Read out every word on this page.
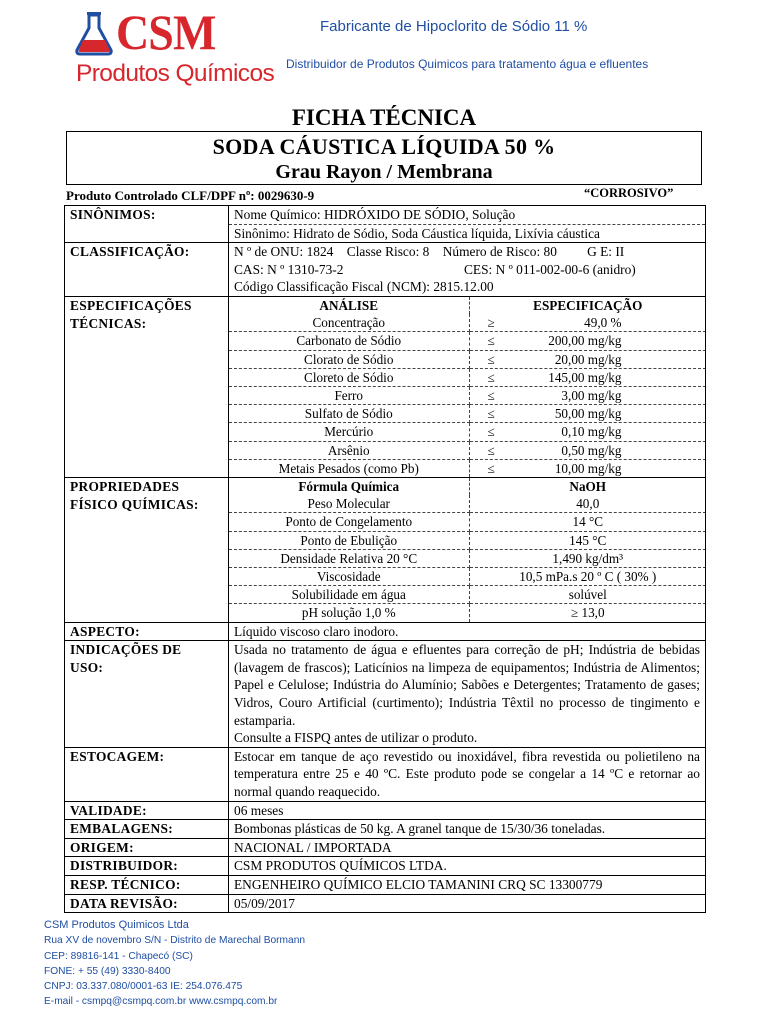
CSM
Produtos Químicos
Fabricante de Hipoclorito de Sódio 11 %
Distribuidor de Produtos Quimicos para tratamento água e efluentes
FICHA TÉCNICA
SODA CÁUSTICA LÍQUIDA 50 %
Grau Rayon / Membrana
Produto Controlado CLF/DPF nº: 0029630-9	“CORROSIVO”
SINÔNIMOS:	Nome Químico: HIDRÓXIDO DE SÓDIO, Solução
Sinônimo: Hidrato de Sódio, Soda Cáustica líquida, Lixívia cáustica

CLASSIFICAÇÃO:	N º de ONU: 1824 Classe Risco: 8 Número de Risco: 80 G E: II
CAS: N º 1310-73-2	CES: N º 011-002-00-6 (anidro)
Código Classificação Fiscal (NCM): 2815.12.00

ESPECIFICAÇÕES
TÉCNICAS:

ANÁLISE	ESPECIFICAÇÃO
Concentração	≥	49,0 %
Carbonato de Sódio	≤	200,00 mg/kg
Clorato de Sódio	≤	20,00 mg/kg
Cloreto de Sódio	≤	145,00 mg/kg
Ferro	≤	3,00 mg/kg
Sulfato de Sódio	≤	50,00 mg/kg
Mercúrio	≤	0,10 mg/kg
Arsênio	≤	0,50 mg/kg
Metais Pesados (como Pb)	≤	10,00 mg/kg

PROPRIEDADES
FÍSICO QUÍMICAS:

Fórmula Química	NaOH
Peso Molecular	40,0
Ponto de Congelamento	14 °C
Ponto de Ebulição	145 °C
Densidade Relativa 20 °C	1,490 kg/dm³
Viscosidade	10,5 mPa.s 20 º C ( 30% )
Solubilidade em água	solúvel
pH solução 1,0 %	≥ 13,0

ASPECTO:	Líquido viscoso claro inodoro.

INDICAÇÕES DE
USO:

Usada no tratamento de água e efluentes para correção de pH; Indústria de bebidas (lavagem de frascos); Laticínios na limpeza de equipamentos; Indústria de Alimentos; Papel e Celulose; Indústria do Alumínio; Sabões e Detergentes; Tratamento de gases; Vidros, Couro Artificial (curtimento); Indústria Têxtil no processo de tingimento e estamparia.
Consulte a FISPQ antes de utilizar o produto.

ESTOCAGEM:	Estocar em tanque de aço revestido ou inoxidável, fibra revestida ou polietileno na temperatura entre 25 e 40 ºC. Este produto pode se congelar a 14 ºC e retornar ao normal quando reaquecido.
VALIDADE:	06 meses
EMBALAGENS:	Bombonas plásticas de 50 kg. A granel tanque de 15/30/36 toneladas.
ORIGEM:	NACIONAL / IMPORTADA
DISTRIBUIDOR:	CSM PRODUTOS QUÍMICOS LTDA.
RESP. TÉCNICO:	ENGENHEIRO QUÍMICO ELCIO TAMANINI CRQ SC 13300779
DATA REVISÃO:	05/09/2017
CSM Produtos Quimicos Ltda
Rua XV de novembro S/N - Distrito de Marechal Bormann
CEP: 89816-141 - Chapecó (SC)
FONE: + 55 (49) 3330-8400
CNPJ: 03.337.080/0001-63 IE: 254.076.475
E-mail - csmpq@csmpq.com.br www.csmpq.com.br
